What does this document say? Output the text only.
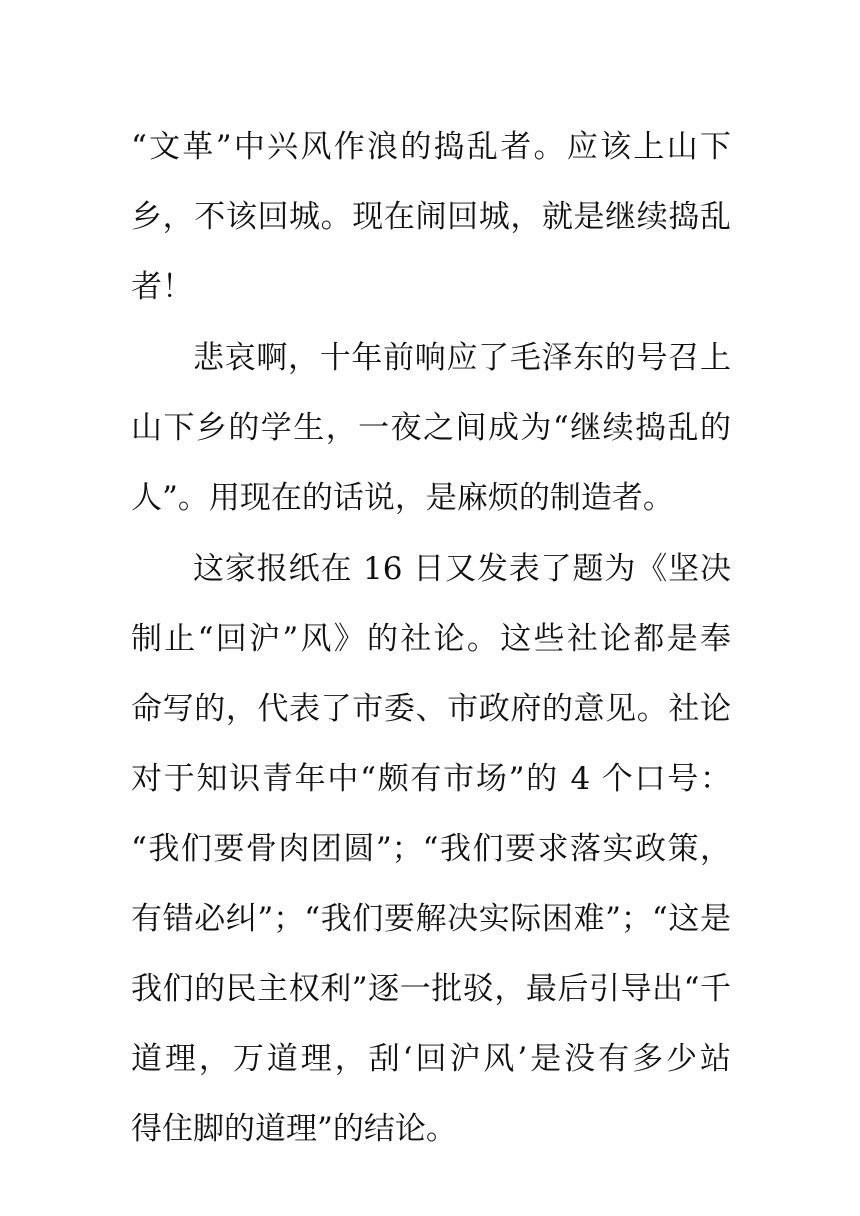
“文革”中兴风作浪的捣乱者。应该上山下
乡，不该回城。现在闹回城，就是继续捣乱
者！
悲哀啊，十年前响应了毛泽东的号召上
山下乡的学生，一夜之间成为“继续捣乱的
人”。用现在的话说，是麻烦的制造者。
这家报纸在 16 日又发表了题为《坚决
制止“回沪”风》的社论。这些社论都是奉
命写的，代表了市委、市政府的意见。社论
对于知识青年中“颇有市场”的 4 个口号：
“我们要骨肉团圆”；“我们要求落实政策，
有错必纠”；“我们要解决实际困难”；“这是
我们的民主权利”逐一批驳，最后引导出“千
道理，万道理，刮‘回沪风’是没有多少站
得住脚的道理”的结论。
